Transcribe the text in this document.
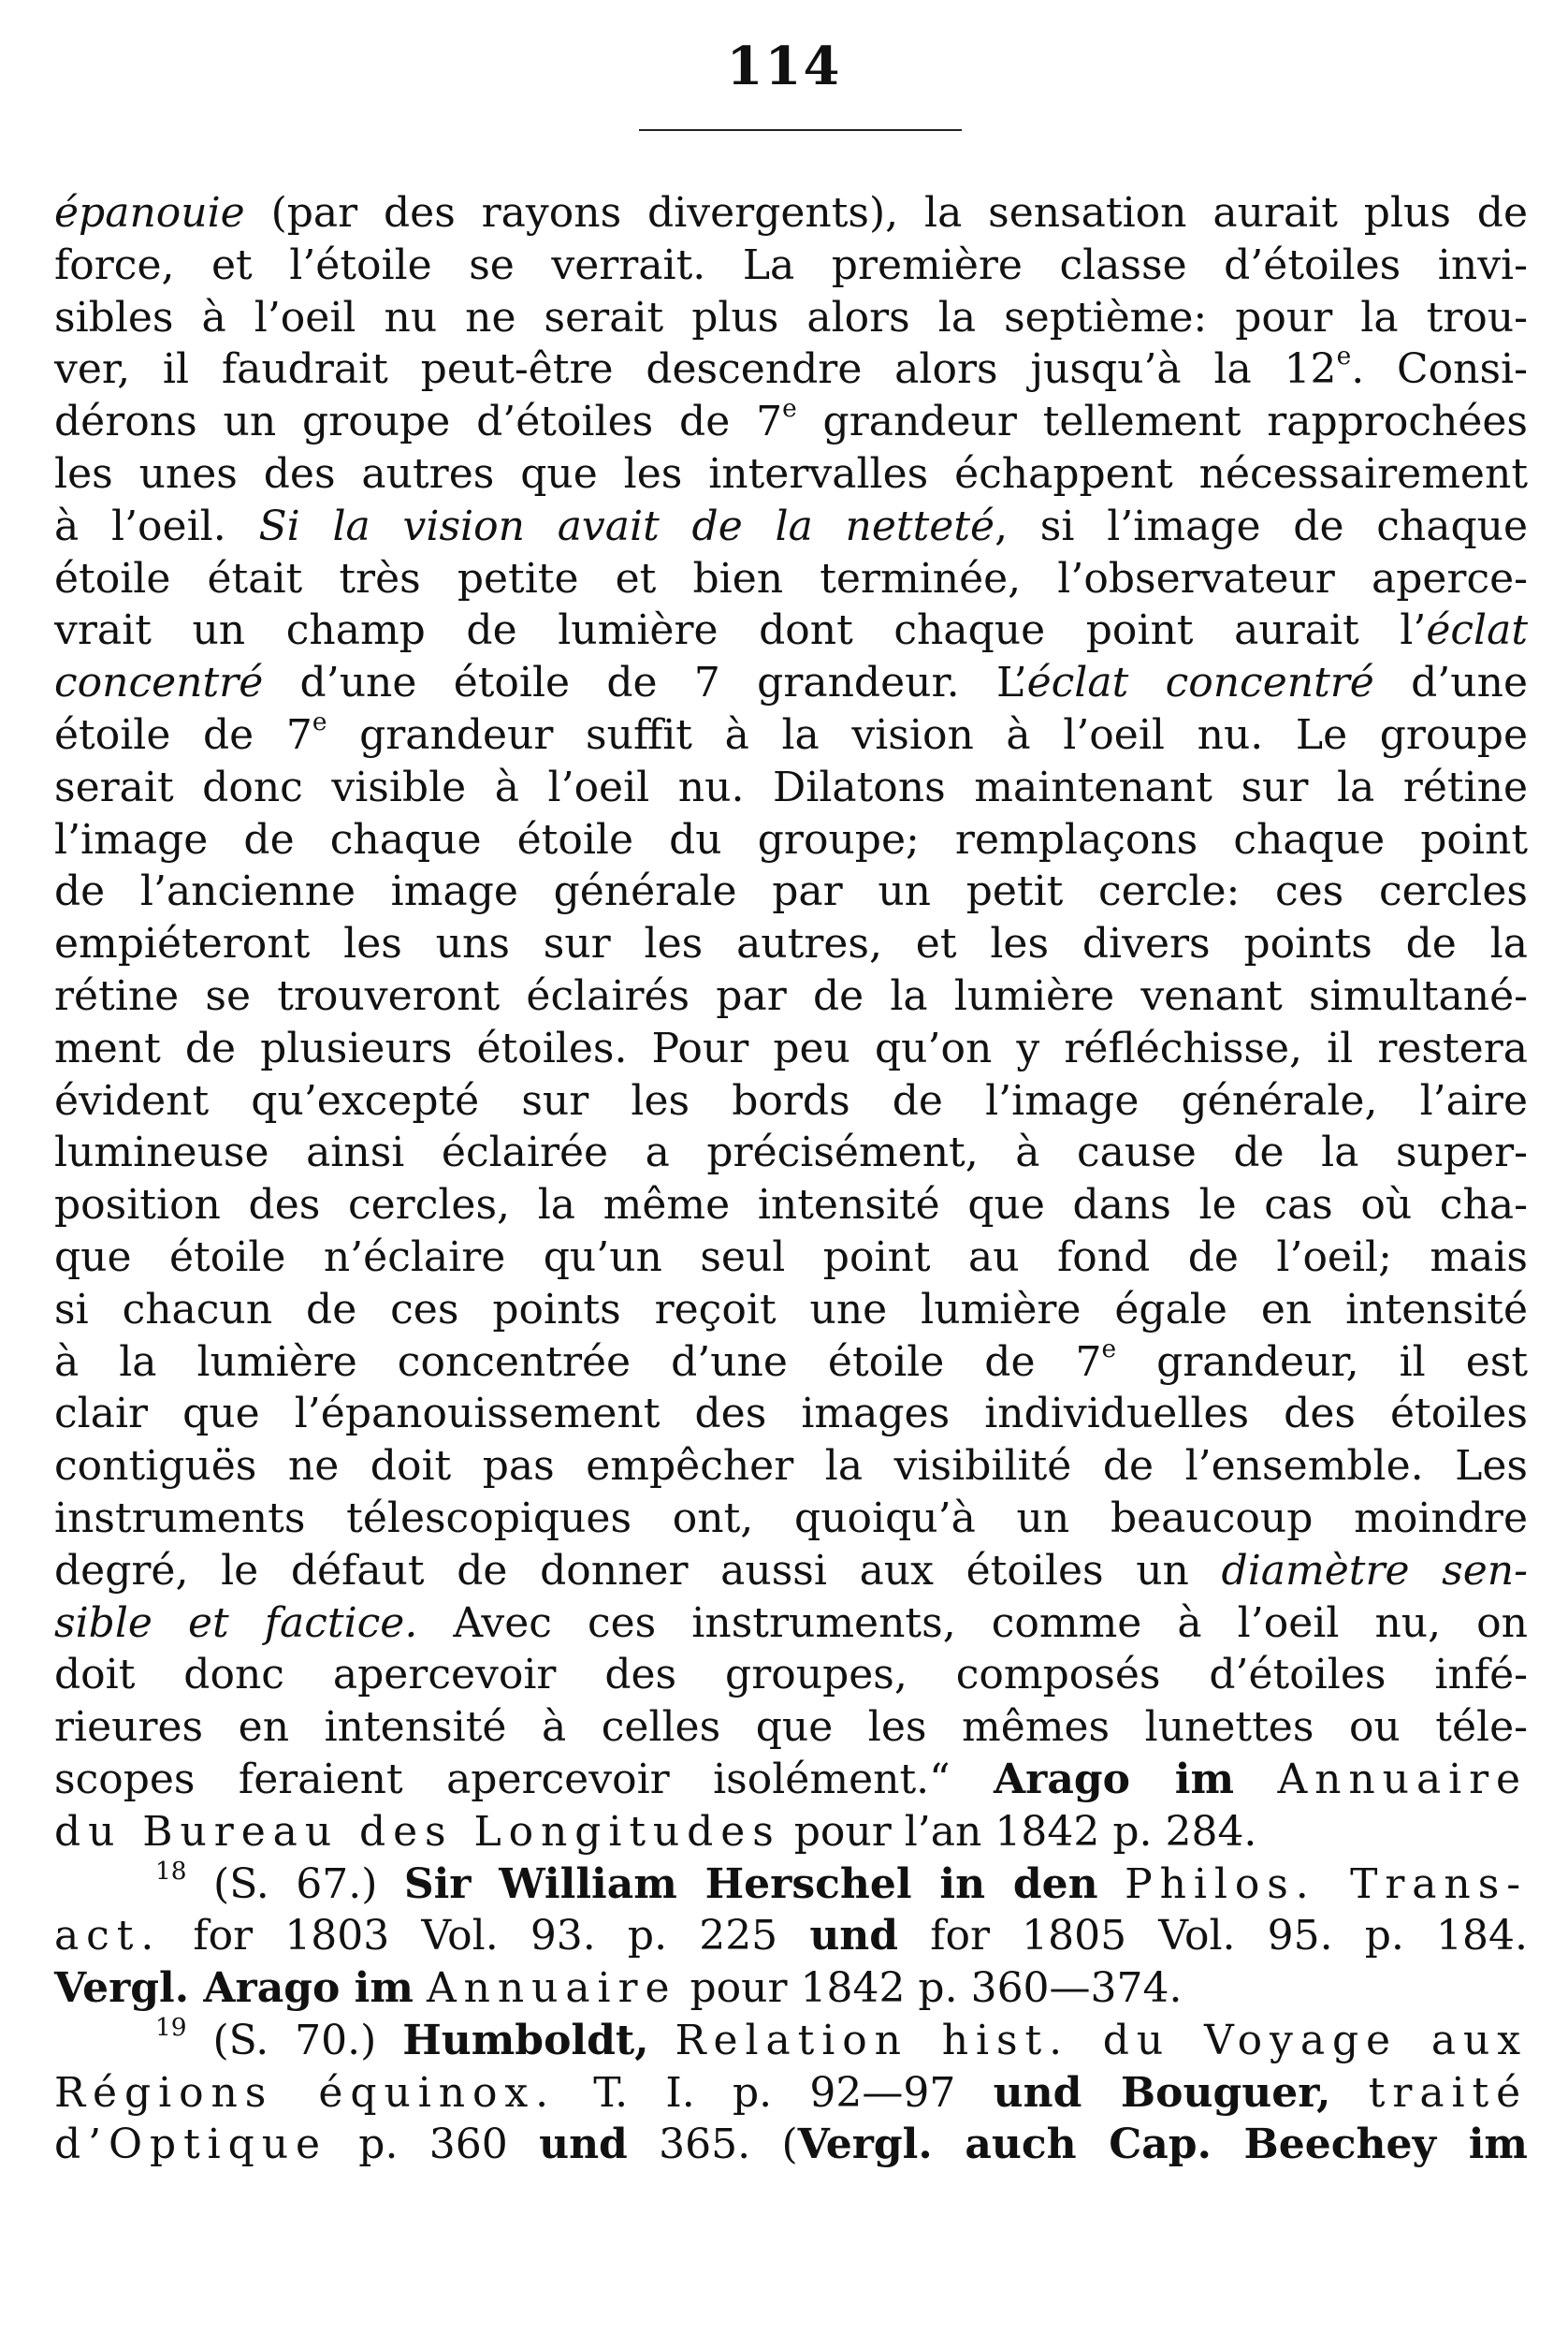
114
épanouie (par des rayons divergents), la sensation aurait plus de
force, et l’étoile se verrait. La première classe d’étoiles invi-
sibles à l’oeil nu ne serait plus alors la septième: pour la trou-
ver, il faudrait peut-être descendre alors jusqu’à la 12e. Consi-
dérons un groupe d’étoiles de 7e grandeur tellement rapprochées
les unes des autres que les intervalles échappent nécessairement
à l’oeil. Si la vision avait de la netteté, si l’image de chaque
étoile était très petite et bien terminée, l’observateur aperce-
vrait un champ de lumière dont chaque point aurait l’éclat
concentré d’une étoile de 7 grandeur. L’éclat concentré d’une
étoile de 7e grandeur suffit à la vision à l’oeil nu. Le groupe
serait donc visible à l’oeil nu. Dilatons maintenant sur la rétine
l’image de chaque étoile du groupe; remplaçons chaque point
de l’ancienne image générale par un petit cercle: ces cercles
empiéteront les uns sur les autres, et les divers points de la
rétine se trouveront éclairés par de la lumière venant simultané-
ment de plusieurs étoiles. Pour peu qu’on y réfléchisse, il restera
évident qu’excepté sur les bords de l’image générale, l’aire
lumineuse ainsi éclairée a précisément, à cause de la super-
position des cercles, la même intensité que dans le cas où cha-
que étoile n’éclaire qu’un seul point au fond de l’oeil; mais
si chacun de ces points reçoit une lumière égale en intensité
à la lumière concentrée d’une étoile de 7e grandeur, il est
clair que l’épanouissement des images individuelles des étoiles
contiguës ne doit pas empêcher la visibilité de l’ensemble. Les
instruments télescopiques ont, quoiqu’à un beaucoup moindre
degré, le défaut de donner aussi aux étoiles un diamètre sen-
sible et factice. Avec ces instruments, comme à l’oeil nu, on
doit donc apercevoir des groupes, composés d’étoiles infé-
rieures en intensité à celles que les mêmes lunettes ou téle-
scopes feraient apercevoir isolément.“ Arago im Annuaire
du Bureau des Longitudes pour l’an 1842 p. 284.
$^{18}$ (S. 67.) Sir William Herschel in den Philos. Trans-
act. for 1803 Vol. 93. p. 225 und for 1805 Vol. 95. p. 184.
Vergl. Arago im Annuaire pour 1842 p. 360—374.
$^{19}$ (S. 70.) Humboldt, Relation hist. du Voyage aux
Régions équinox. T. I. p. 92—97 und Bouguer, traité
d’Optique p. 360 und 365. (Vergl. auch Cap. Beechey im
